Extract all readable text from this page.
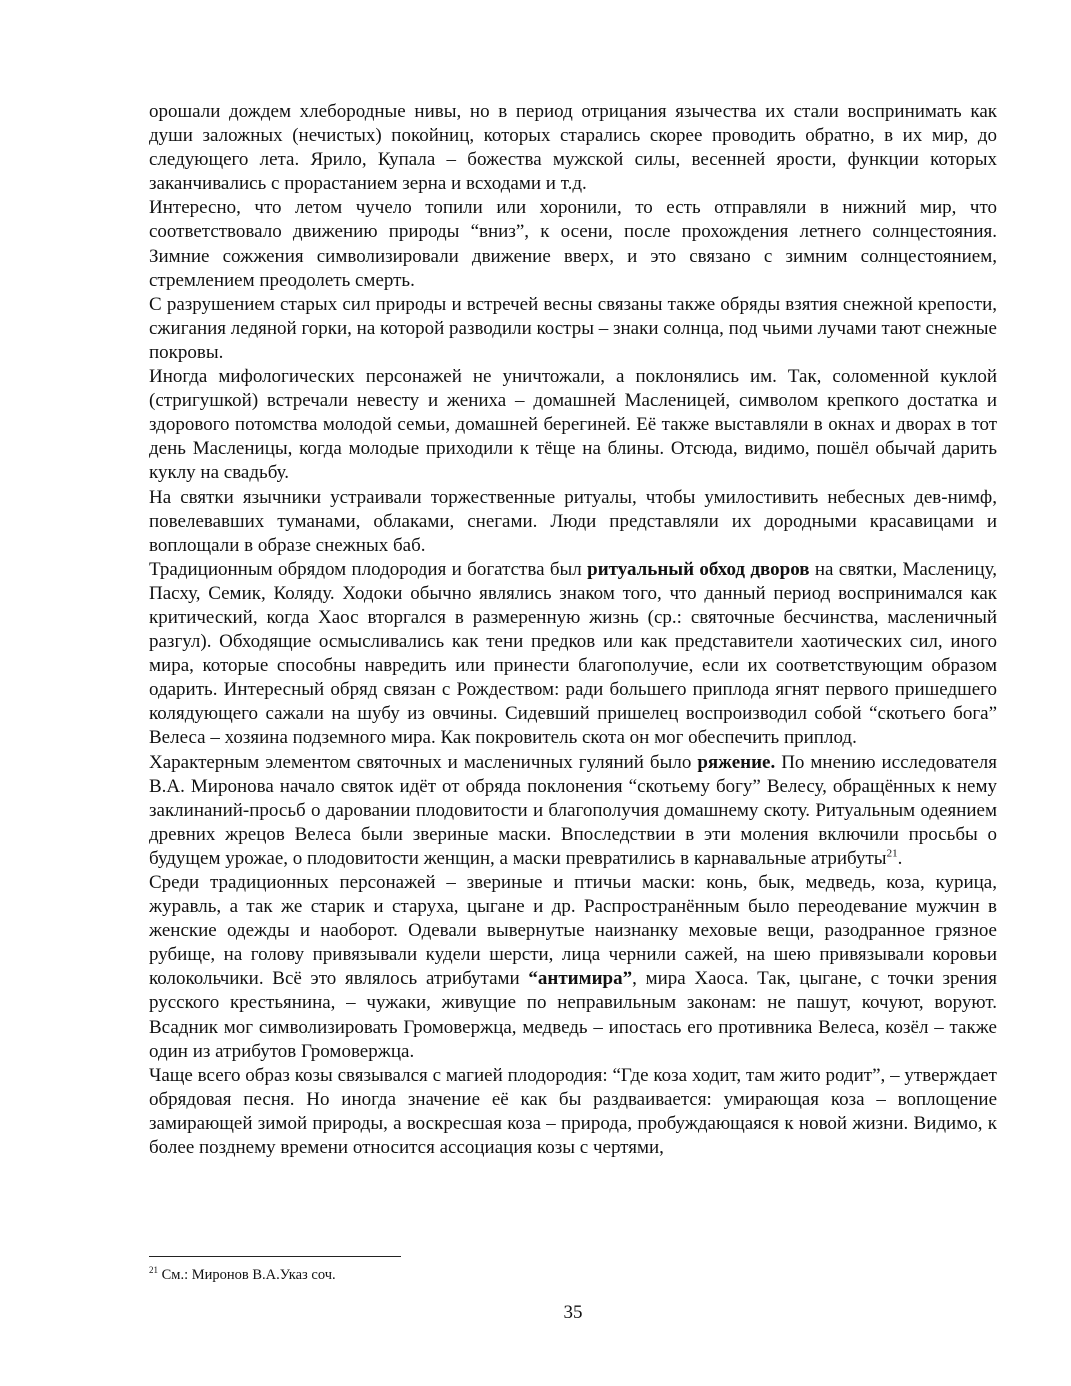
орошали дождем хлебородные нивы, но в период отрицания язычества их стали воспринимать как души заложных (нечистых) покойниц, которых старались скорее проводить обратно, в их мир, до следующего лета. Ярило, Купала – божества мужской силы, весенней ярости, функции которых заканчивались с прорастанием зерна и всходами и т.д.

Интересно, что летом чучело топили или хоронили, то есть отправляли в нижний мир, что соответствовало движению природы “вниз”, к осени, после прохождения летнего солнцестояния. Зимние сожжения символизировали движение вверх, и это связано с зимним солнцестоянием, стремлением преодолеть смерть.

С разрушением старых сил природы и встречей весны связаны также обряды взятия снежной крепости, сжигания ледяной горки, на которой разводили костры – знаки солнца, под чьими лучами тают снежные покровы.

Иногда мифологических персонажей не уничтожали, а поклонялись им. Так, соломенной куклой (стригушкой) встречали невесту и жениха – домашней Масленицей, символом крепкого достатка и здорового потомства молодой семьи, домашней берегиней. Её также выставляли в окнах и дворах в тот день Масленицы, когда молодые приходили к тёще на блины. Отсюда, видимо, пошёл обычай дарить куклу на свадьбу.

На святки язычники устраивали торжественные ритуалы, чтобы умилостивить небесных дев-нимф, повелевавших туманами, облаками, снегами. Люди представляли их дородными красавицами и воплощали в образе снежных баб.

Традиционным обрядом плодородия и богатства был ритуальный обход дворов на святки, Масленицу, Пасху, Семик, Коляду. Ходоки обычно являлись знаком того, что данный период воспринимался как критический, когда Хаос вторгался в размеренную жизнь (ср.: святочные бесчинства, масленичный разгул). Обходящие осмысливались как тени предков или как представители хаотических сил, иного мира, которые способны навредить или принести благополучие, если их соответствующим образом одарить. Интересный обряд связан с Рождеством: ради большего приплода ягнят первого пришедшего колядующего сажали на шубу из овчины. Сидевший пришелец воспроизводил собой “скотьего бога” Велеса – хозяина подземного мира. Как покровитель скота он мог обеспечить приплод.

Характерным элементом святочных и масленичных гуляний было ряжение. По мнению исследователя В.А. Миронова начало святок идёт от обряда поклонения “скотьему богу” Велесу, обращённых к нему заклинаний-просьб о даровании плодовитости и благополучия домашнему скоту. Ритуальным одеянием древних жрецов Велеса были звериные маски. Впоследствии в эти моления включили просьбы о будущем урожае, о плодовитости женщин, а маски превратились в карнавальные атрибуты$^{21}$.

Среди традиционных персонажей – звериные и птичьи маски: конь, бык, медведь, коза, курица, журавль, а так же старик и старуха, цыгане и др. Распространённым было переодевание мужчин в женские одежды и наоборот. Одевали вывернутые наизнанку меховые вещи, разодранное грязное рубище, на голову привязывали кудели шерсти, лица чернили сажей, на шею привязывали коровьи колокольчики. Всё это являлось атрибутами “антимира”, мира Хаоса. Так, цыгане, с точки зрения русского крестьянина, – чужаки, живущие по неправильным законам: не пашут, кочуют, воруют. Всадник мог символизировать Громовержца, медведь – ипостась его противника Велеса, козёл – также один из атрибутов Громовержца.

Чаще всего образ козы связывался с магией плодородия: “Где коза ходит, там жито родит”, – утверждает обрядовая песня. Но иногда значение её как бы раздваивается: умирающая коза – воплощение замирающей зимой природы, а воскресшая коза – природа, пробуждающаяся к новой жизни. Видимо, к более позднему времени относится ассоциация козы с чертями,

$^{21}$ См.: Миронов В.А.Указ соч.
35
